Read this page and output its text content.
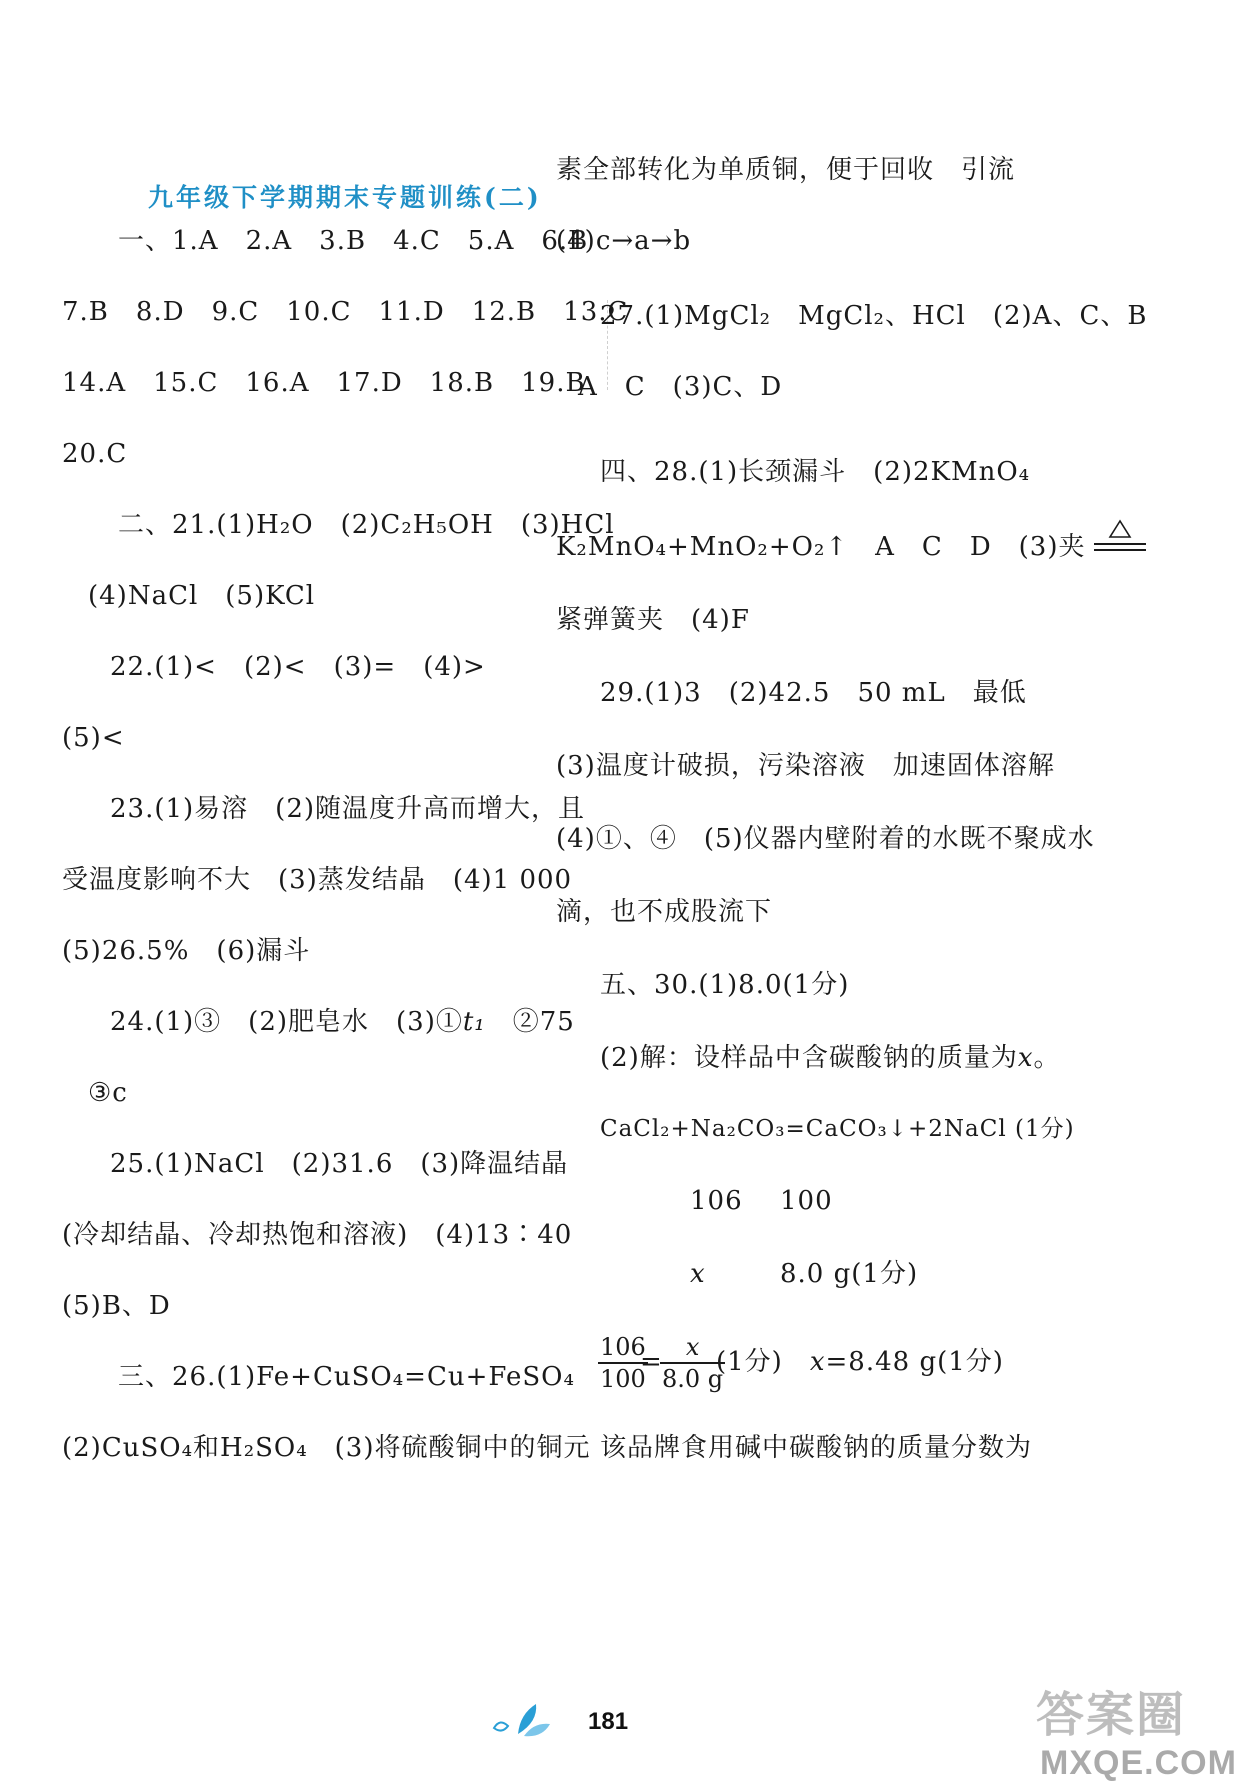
九年级下学期期末专题训练(二)
一、1.A　2.A　3.B　4.C　5.A　6.B
7.B　8.D　9.C　10.C　11.D　12.B　13.C
14.A　15.C　16.A　17.D　18.B　19.B
20.C
二、21.(1)H₂O　(2)C₂H₅OH　(3)HCl
(4)NaCl　(5)KCl
22.(1)<　(2)<　(3)=　(4)>
(5)<
23.(1)易溶　(2)随温度升高而增大，且
受温度影响不大　(3)蒸发结晶　(4)1 000
(5)26.5%　(6)漏斗
24.(1)③　(2)肥皂水　(3)①t₁　②75
③c
25.(1)NaCl　(2)31.6　(3)降温结晶
(冷却结晶、冷却热饱和溶液)　(4)13∶40
(5)B、D
三、26.(1)Fe+CuSO₄=Cu+FeSO₄
(2)CuSO₄和H₂SO₄　(3)将硫酸铜中的铜元
素全部转化为单质铜，便于回收　引流
(4)c→a→b
27.(1)MgCl₂　MgCl₂、HCl　(2)A、C、B
A　C　(3)C、D
四、28.(1)长颈漏斗　(2)2KMnO₄
K₂MnO₄+MnO₂+O₂↑　A　C　D　(3)夹
紧弹簧夹　(4)F
29.(1)3　(2)42.5　50 mL　最低
(3)温度计破损，污染溶液　加速固体溶解
(4)①、④　(5)仪器内壁附着的水既不聚成水
滴，也不成股流下
五、30.(1)8.0(1分)
(2)解：设样品中含碳酸钠的质量为x。
CaCl₂+Na₂CO₃=CaCO₃↓+2NaCl (1分)
106 100
x	8.0 g(1分)
$\frac{106}{100}$
=
$\frac{x}{8.0 g}$
(1分)　x=8.48 g(1分)
该品牌食用碱中碳酸钠的质量分数为
181	答案圈
MXQE.COM
